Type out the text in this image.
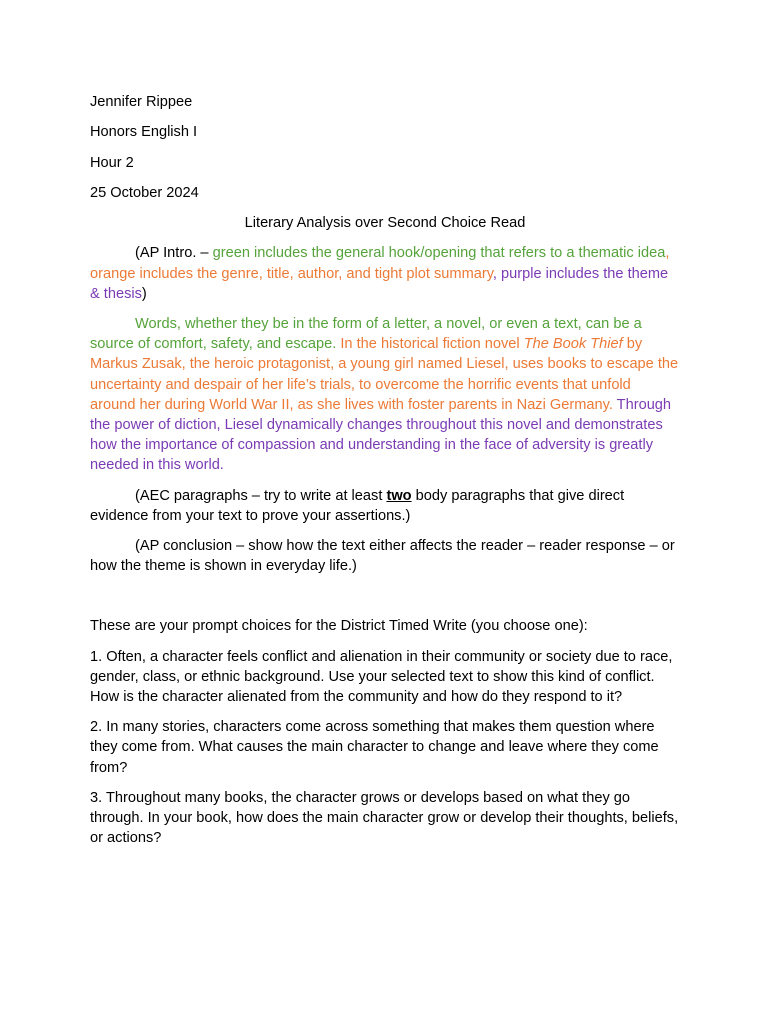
Jennifer Rippee

Honors English I

Hour 2

25 October 2024

Literary Analysis over Second Choice Read

(AP Intro. – green includes the general hook/opening that refers to a thematic idea, orange includes the genre, title, author, and tight plot summary, purple includes the theme & thesis)

Words, whether they be in the form of a letter, a novel, or even a text, can be a source of comfort, safety, and escape. In the historical fiction novel The Book Thief by Markus Zusak, the heroic protagonist, a young girl named Liesel, uses books to escape the uncertainty and despair of her life’s trials, to overcome the horrific events that unfold around her during World War II, as she lives with foster parents in Nazi Germany. Through the power of diction, Liesel dynamically changes throughout this novel and demonstrates how the importance of compassion and understanding in the face of adversity is greatly needed in this world.

(AEC paragraphs – try to write at least two body paragraphs that give direct evidence from your text to prove your assertions.)

(AP conclusion – show how the text either affects the reader – reader response – or how the theme is shown in everyday life.)

These are your prompt choices for the District Timed Write (you choose one):

1. Often, a character feels conflict and alienation in their community or society due to race, gender, class, or ethnic background. Use your selected text to show this kind of conflict. How is the character alienated from the community and how do they respond to it?

2. In many stories, characters come across something that makes them question where they come from. What causes the main character to change and leave where they come from?

3. Throughout many books, the character grows or develops based on what they go through. In your book, how does the main character grow or develop their thoughts, beliefs, or actions?
